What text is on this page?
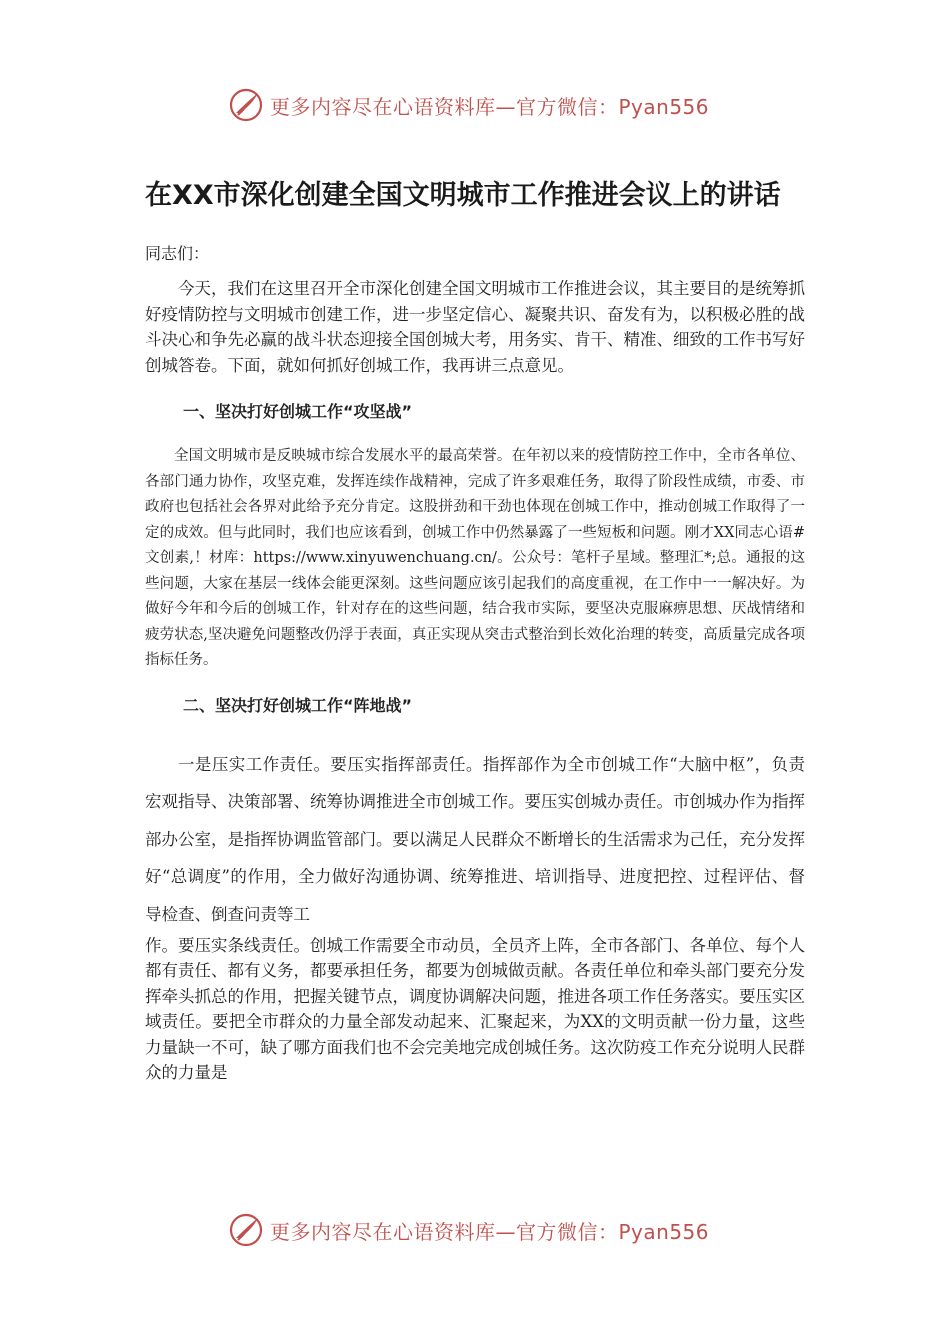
更多内容尽在心语资料库—官方微信：Pyan556
在XX市深化创建全国文明城市工作推进会议上的讲话

同志们：

今天，我们在这里召开全市深化创建全国文明城市工作推进会议，其主要目的是统筹抓好疫情防控与文明城市创建工作，进一步坚定信心、凝聚共识、奋发有为，以积极必胜的战斗决心和争先必赢的战斗状态迎接全国创城大考，用务实、肯干、精准、细致的工作书写好创城答卷。下面，就如何抓好创城工作，我再讲三点意见。

一、坚决打好创城工作“攻坚战”

全国文明城市是反映城市综合发展水平的最高荣誉。在年初以来的疫情防控工作中，全市各单位、各部门通力协作，攻坚克难，发挥连续作战精神，完成了许多艰难任务，取得了阶段性成绩，市委、市政府也包括社会各界对此给予充分肯定。这股拼劲和干劲也体现在创城工作中，推动创城工作取得了一定的成效。但与此同时，我们也应该看到，创城工作中仍然暴露了一些短板和问题。刚才XX同志心语#文创素,！材库：https://www.xinyuwenchuang.cn/。公众号：笔杆子星域。整理汇*;总。通报的这些问题，大家在基层一线体会能更深刻。这些问题应该引起我们的高度重视，在工作中一一解决好。为做好今年和今后的创城工作，针对存在的这些问题，结合我市实际，要坚决克服麻痹思想、厌战情绪和疲劳状态,坚决避免问题整改仍浮于表面，真正实现从突击式整治到长效化治理的转变，高质量完成各项指标任务。

二、坚决打好创城工作“阵地战”

一是压实工作责任。要压实指挥部责任。指挥部作为全市创城工作“大脑中枢”，负责宏观指导、决策部署、统筹协调推进全市创城工作。要压实创城办责任。市创城办作为指挥部办公室，是指挥协调监管部门。要以满足人民群众不断增长的生活需求为己任，充分发挥好“总调度”的作用，全力做好沟通协调、统筹推进、培训指导、进度把控、过程评估、督导检查、倒查问责等工

作。要压实条线责任。创城工作需要全市动员，全员齐上阵，全市各部门、各单位、每个人都有责任、都有义务，都要承担任务，都要为创城做贡献。各责任单位和牵头部门要充分发挥牵头抓总的作用，把握关键节点，调度协调解决问题，推进各项工作任务落实。要压实区域责任。要把全市群众的力量全部发动起来、汇聚起来，为XX的文明贡献一份力量，这些力量缺一不可，缺了哪方面我们也不会完美地完成创城任务。这次防疫工作充分说明人民群众的力量是

更多内容尽在心语资料库—官方微信：Pyan556
